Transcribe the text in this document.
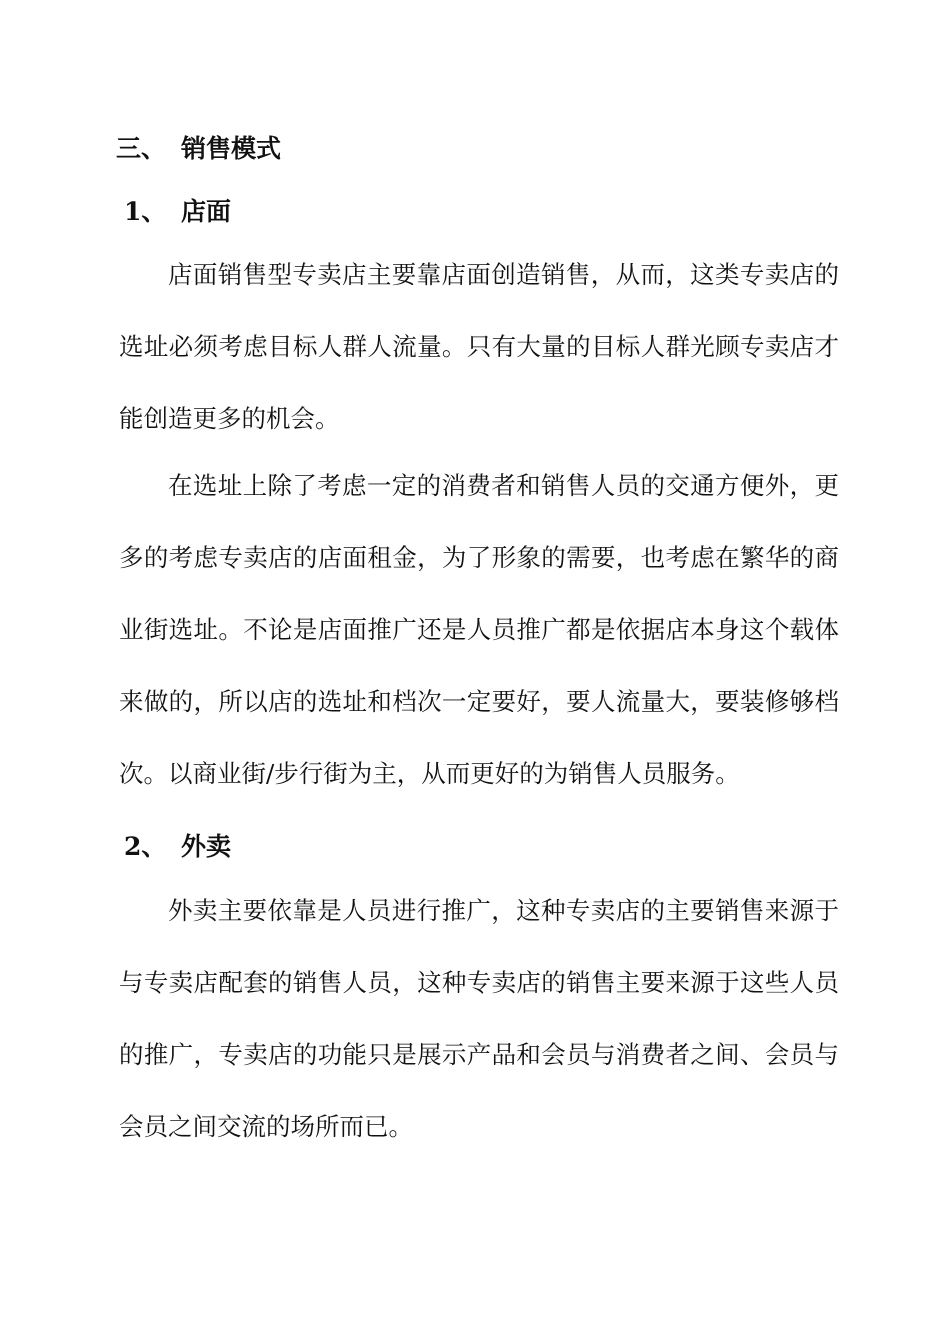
三、 销售模式
1、 店面

店面销售型专卖店主要靠店面创造销售，从而，这类专卖店的选址必须考虑目标人群人流量。只有大量的目标人群光顾专卖店才能创造更多的机会。

在选址上除了考虑一定的消费者和销售人员的交通方便外，更多的考虑专卖店的店面租金，为了形象的需要，也考虑在繁华的商业街选址。不论是店面推广还是人员推广都是依据店本身这个载体来做的，所以店的选址和档次一定要好，要人流量大，要装修够档次。以商业街/步行街为主，从而更好的为销售人员服务。

2、 外卖

外卖主要依靠是人员进行推广，这种专卖店的主要销售来源于与专卖店配套的销售人员，这种专卖店的销售主要来源于这些人员的推广，专卖店的功能只是展示产品和会员与消费者之间、会员与会员之间交流的场所而已。
